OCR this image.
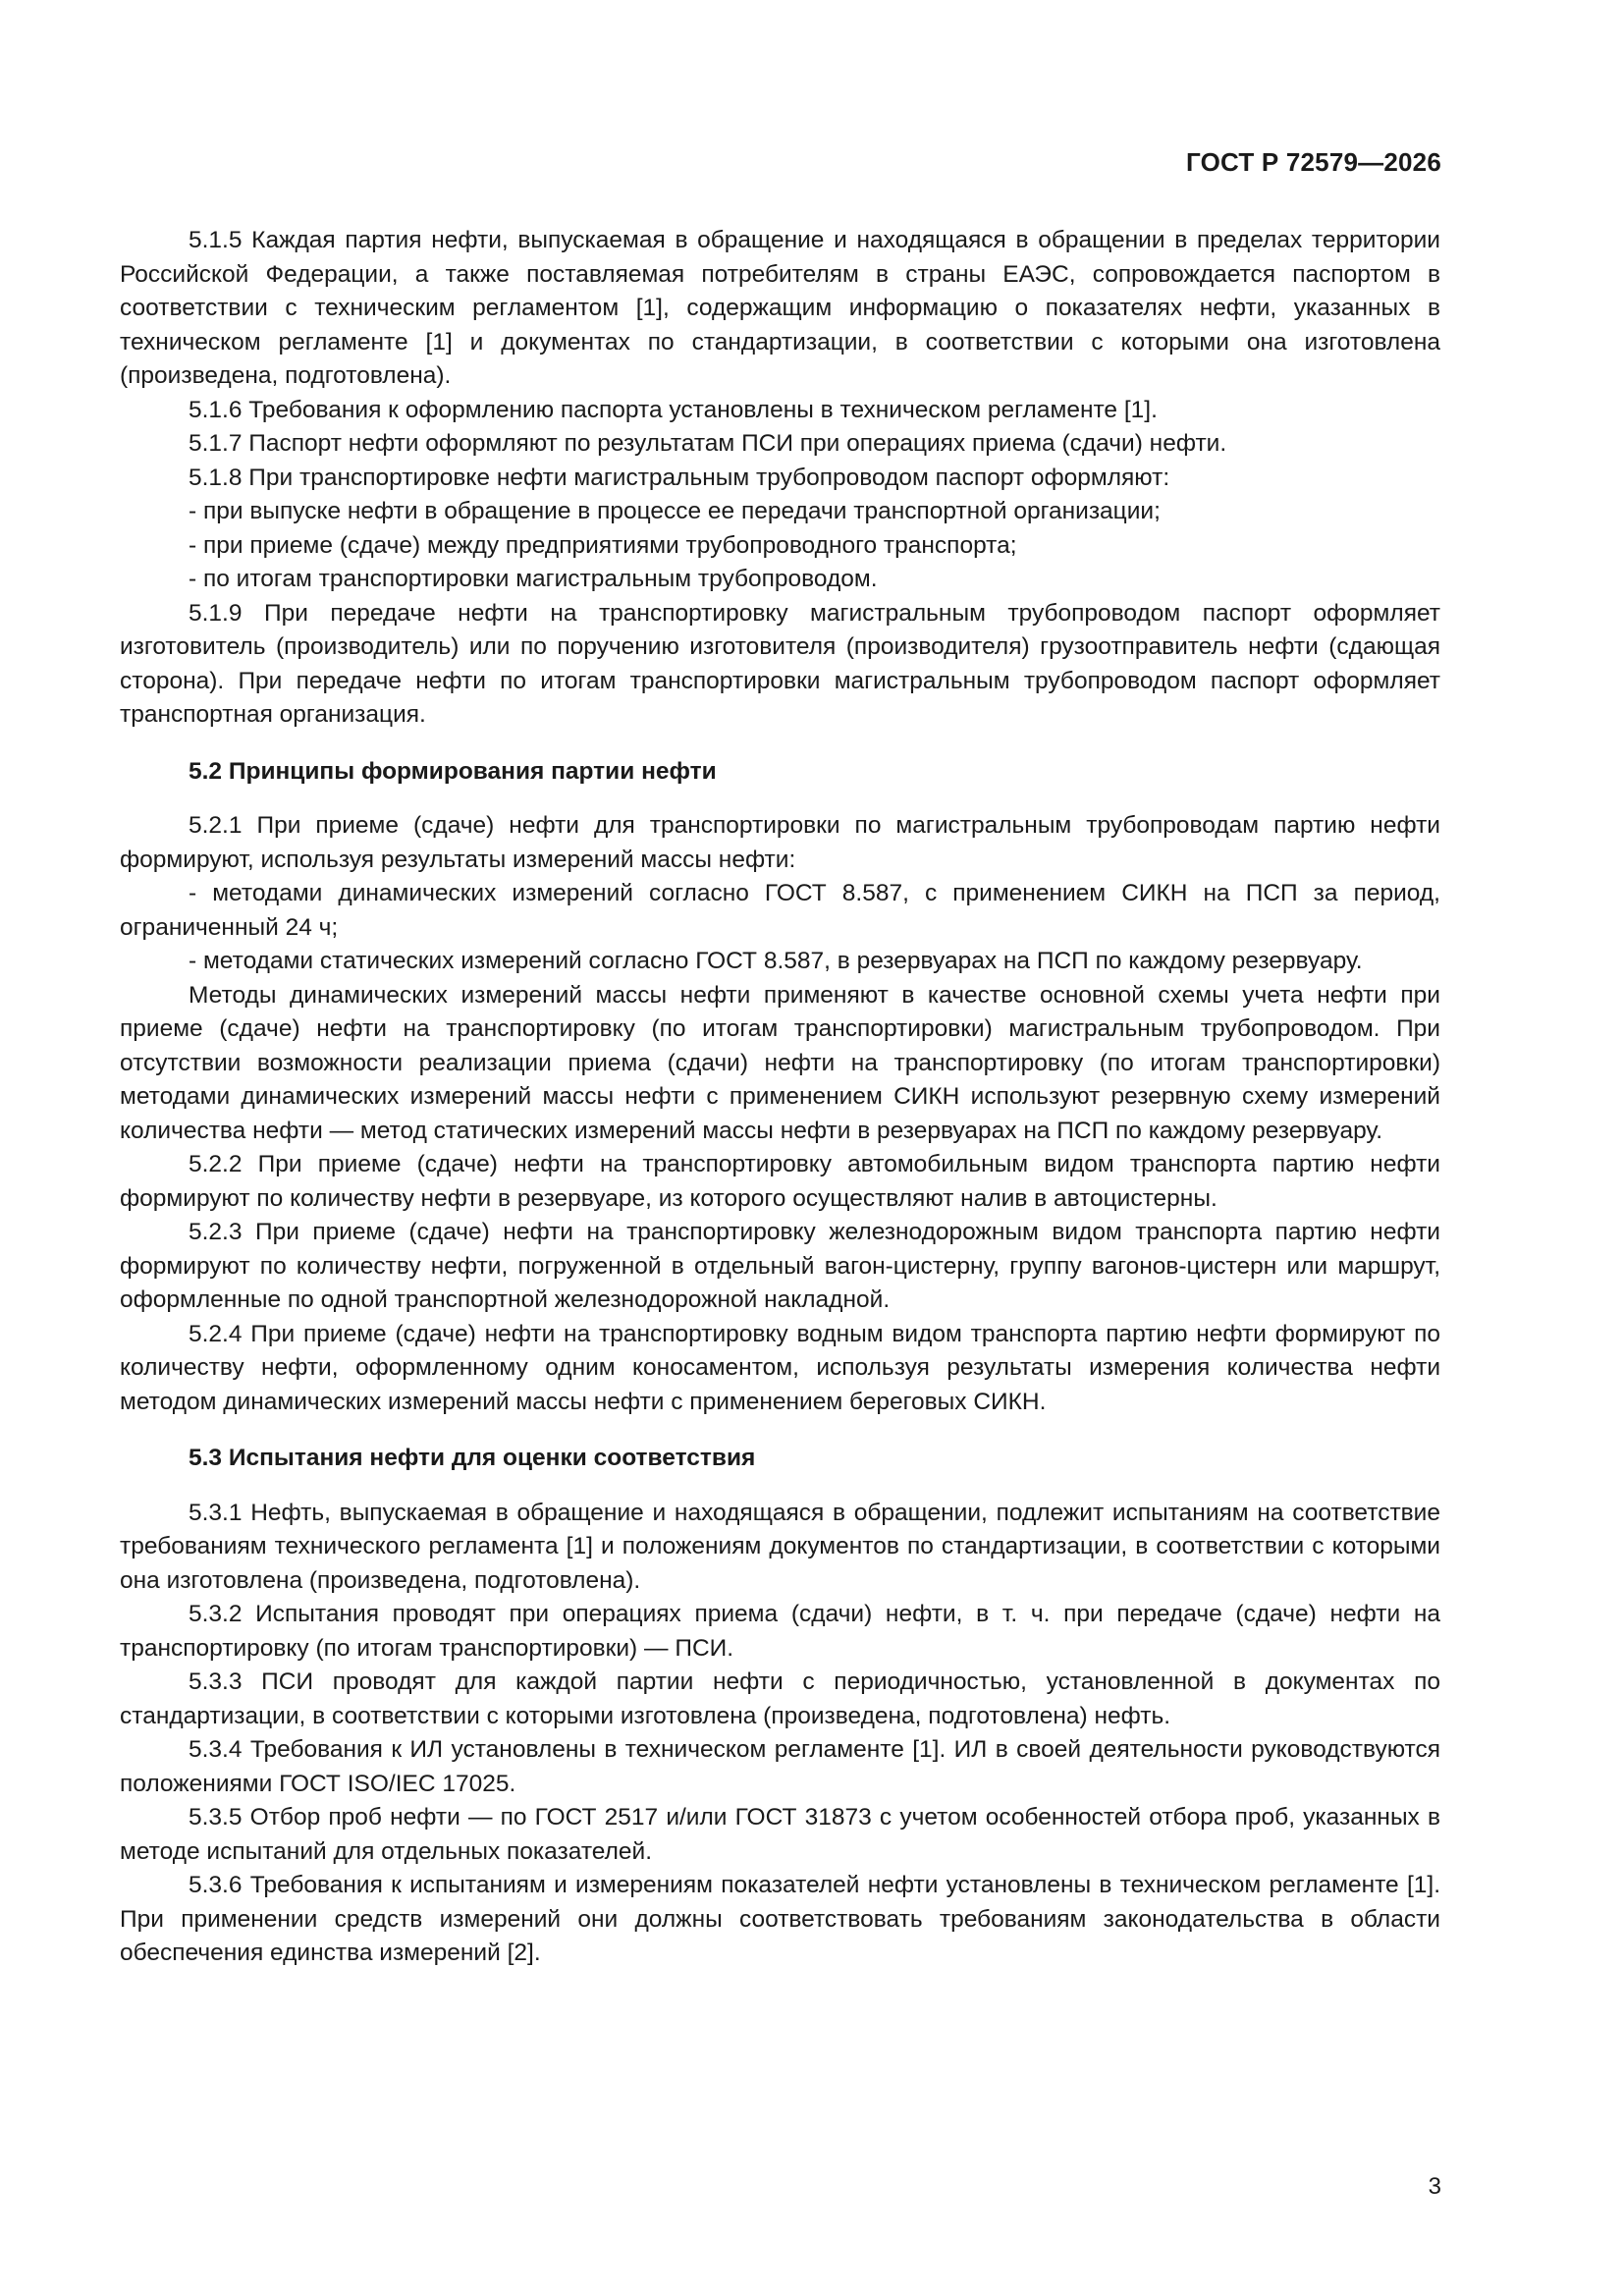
ГОСТ Р 72579—2026

5.1.5 Каждая партия нефти, выпускаемая в обращение и находящаяся в обращении в пределах территории Российской Федерации, а также поставляемая потребителям в страны ЕАЭС, сопровождается паспортом в соответствии с техническим регламентом [1], содержащим информацию о показателях нефти, указанных в техническом регламенте [1] и документах по стандартизации, в соответствии с которыми она изготовлена (произведена, подготовлена).

5.1.6 Требования к оформлению паспорта установлены в техническом регламенте [1].

5.1.7 Паспорт нефти оформляют по результатам ПСИ при операциях приема (сдачи) нефти.

5.1.8 При транспортировке нефти магистральным трубопроводом паспорт оформляют:

- при выпуске нефти в обращение в процессе ее передачи транспортной организации;

- при приеме (сдаче) между предприятиями трубопроводного транспорта;

- по итогам транспортировки магистральным трубопроводом.

5.1.9 При передаче нефти на транспортировку магистральным трубопроводом паспорт оформляет изготовитель (производитель) или по поручению изготовителя (производителя) грузоотправитель нефти (сдающая сторона). При передаче нефти по итогам транспортировки магистральным трубопроводом паспорт оформляет транспортная организация.

5.2 Принципы формирования партии нефти

5.2.1 При приеме (сдаче) нефти для транспортировки по магистральным трубопроводам партию нефти формируют, используя результаты измерений массы нефти:

- методами динамических измерений согласно ГОСТ 8.587, с применением СИКН на ПСП за период, ограниченный 24 ч;

- методами статических измерений согласно ГОСТ 8.587, в резервуарах на ПСП по каждому резервуару.

Методы динамических измерений массы нефти применяют в качестве основной схемы учета нефти при приеме (сдаче) нефти на транспортировку (по итогам транспортировки) магистральным трубопроводом. При отсутствии возможности реализации приема (сдачи) нефти на транспортировку (по итогам транспортировки) методами динамических измерений массы нефти с применением СИКН используют резервную схему измерений количества нефти — метод статических измерений массы нефти в резервуарах на ПСП по каждому резервуару.

5.2.2 При приеме (сдаче) нефти на транспортировку автомобильным видом транспорта партию нефти формируют по количеству нефти в резервуаре, из которого осуществляют налив в автоцистерны.

5.2.3 При приеме (сдаче) нефти на транспортировку железнодорожным видом транспорта партию нефти формируют по количеству нефти, погруженной в отдельный вагон-цистерну, группу вагонов-цистерн или маршрут, оформленные по одной транспортной железнодорожной накладной.

5.2.4 При приеме (сдаче) нефти на транспортировку водным видом транспорта партию нефти формируют по количеству нефти, оформленному одним коносаментом, используя результаты измерения количества нефти методом динамических измерений массы нефти с применением береговых СИКН.

5.3 Испытания нефти для оценки соответствия

5.3.1 Нефть, выпускаемая в обращение и находящаяся в обращении, подлежит испытаниям на соответствие требованиям технического регламента [1] и положениям документов по стандартизации, в соответствии с которыми она изготовлена (произведена, подготовлена).

5.3.2 Испытания проводят при операциях приема (сдачи) нефти, в т. ч. при передаче (сдаче) нефти на транспортировку (по итогам транспортировки) — ПСИ.

5.3.3 ПСИ проводят для каждой партии нефти с периодичностью, установленной в документах по стандартизации, в соответствии с которыми изготовлена (произведена, подготовлена) нефть.

5.3.4 Требования к ИЛ установлены в техническом регламенте [1]. ИЛ в своей деятельности руководствуются положениями ГОСТ ISO/IEC 17025.

5.3.5 Отбор проб нефти — по ГОСТ 2517 и/или ГОСТ 31873 с учетом особенностей отбора проб, указанных в методе испытаний для отдельных показателей.

5.3.6 Требования к испытаниям и измерениям показателей нефти установлены в техническом регламенте [1]. При применении средств измерений они должны соответствовать требованиям законодательства в области обеспечения единства измерений [2].

3
